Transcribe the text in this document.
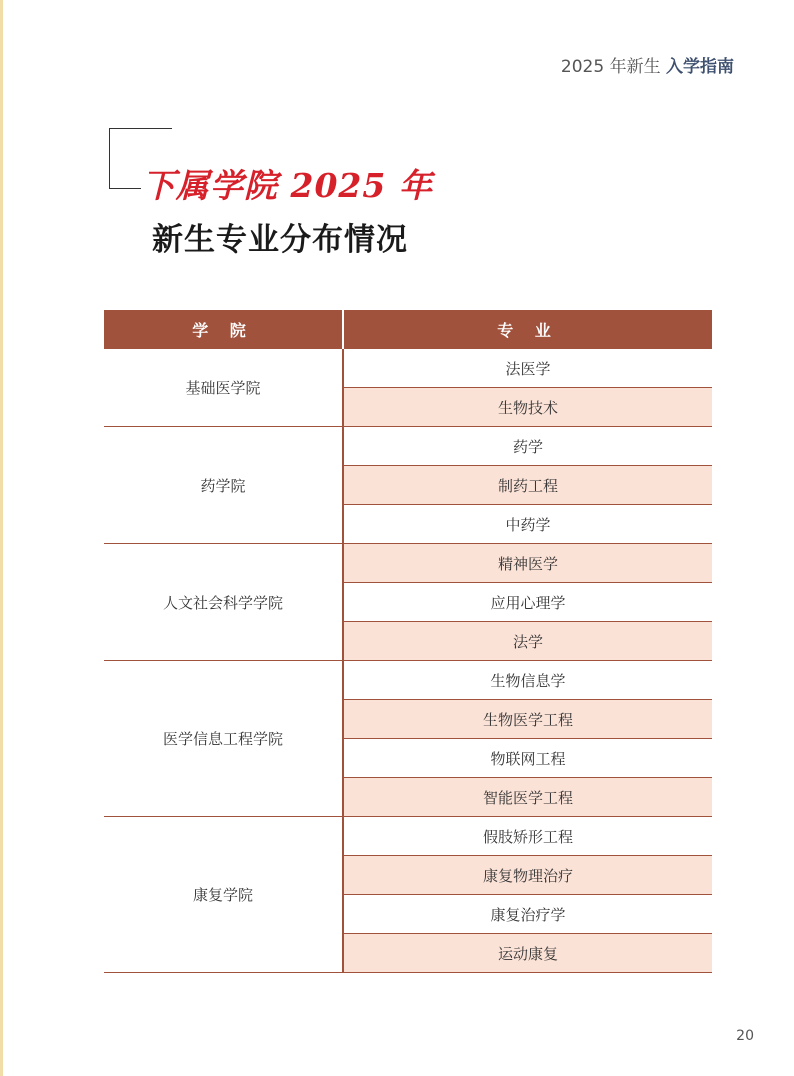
2025 年新生 入学指南
下属学院 2025 年
新生专业分布情况
学 院	专 业
基础医学院	法医学
	生物技术
药学院	药学
	制药工程
	中药学
人文社会科学学院	精神医学
	应用心理学
	法学
医学信息工程学院	生物信息学
	生物医学工程
	物联网工程
	智能医学工程
康复学院	假肢矫形工程
	康复物理治疗
	康复治疗学
	运动康复
20
